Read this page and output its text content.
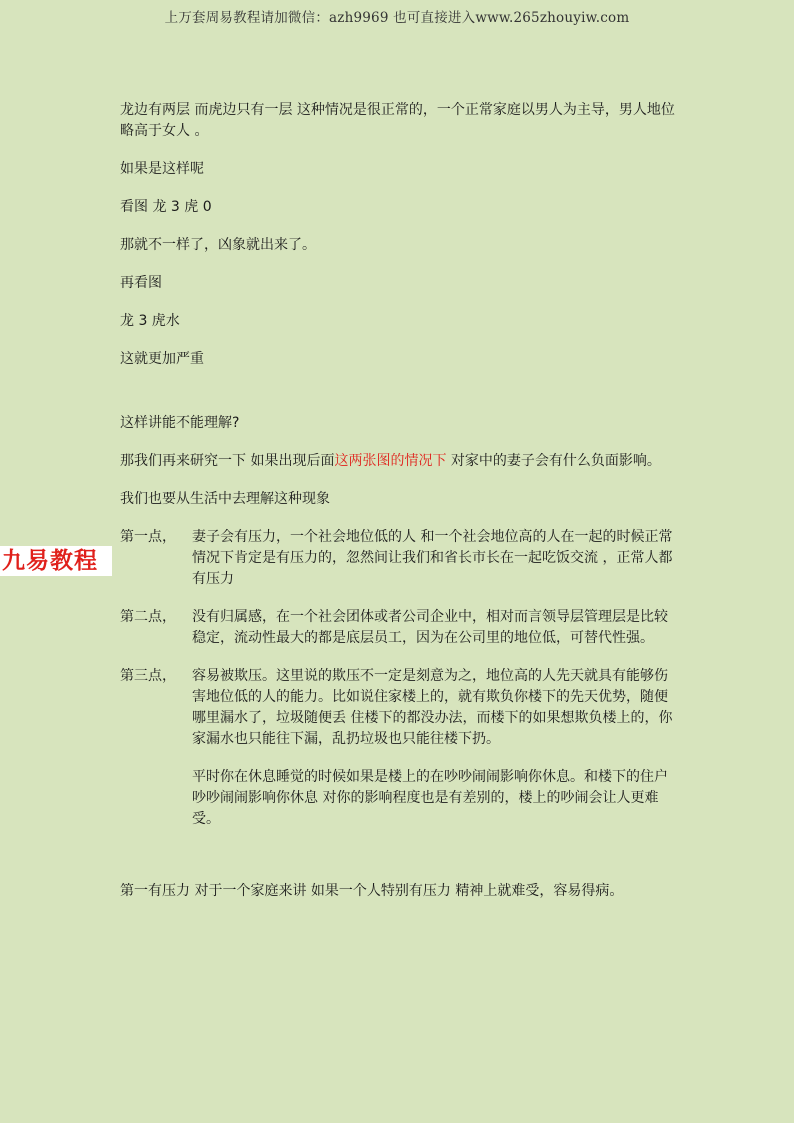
上万套周易教程请加微信：azh9969 也可直接进入www.265zhouyiw.com
九易教程

龙边有两层 而虎边只有一层 这种情况是很正常的，一个正常家庭以男人为主导，男人地位略高于女人 。

如果是这样呢

看图 龙 3 虎 0

那就不一样了，凶象就出来了。

再看图

龙 3 虎水

这就更加严重

这样讲能不能理解?

那我们再来研究一下 如果出现后面这两张图的情况下 对家中的妻子会有什么负面影响。

我们也要从生活中去理解这种现象

第一点，	妻子会有压力，一个社会地位低的人 和一个社会地位高的人在一起的时候正常情况下肯定是有压力的，忽然间让我们和省长市长在一起吃饭交流 ，正常人都有压力
第二点，	没有归属感，在一个社会团体或者公司企业中，相对而言领导层管理层是比较稳定，流动性最大的都是底层员工，因为在公司里的地位低，可替代性强。
第三点，	容易被欺压。这里说的欺压不一定是刻意为之，地位高的人先天就具有能够伤害地位低的人的能力。比如说住家楼上的，就有欺负你楼下的先天优势，随便哪里漏水了，垃圾随便丢 住楼下的都没办法，而楼下的如果想欺负楼上的，你家漏水也只能往下漏，乱扔垃圾也只能往楼下扔。
平时你在休息睡觉的时候如果是楼上的在吵吵闹闹影响你休息。和楼下的住户吵吵闹闹影响你休息 对你的影响程度也是有差别的，楼上的吵闹会让人更难受。

第一有压力 对于一个家庭来讲 如果一个人特别有压力 精神上就难受，容易得病。
